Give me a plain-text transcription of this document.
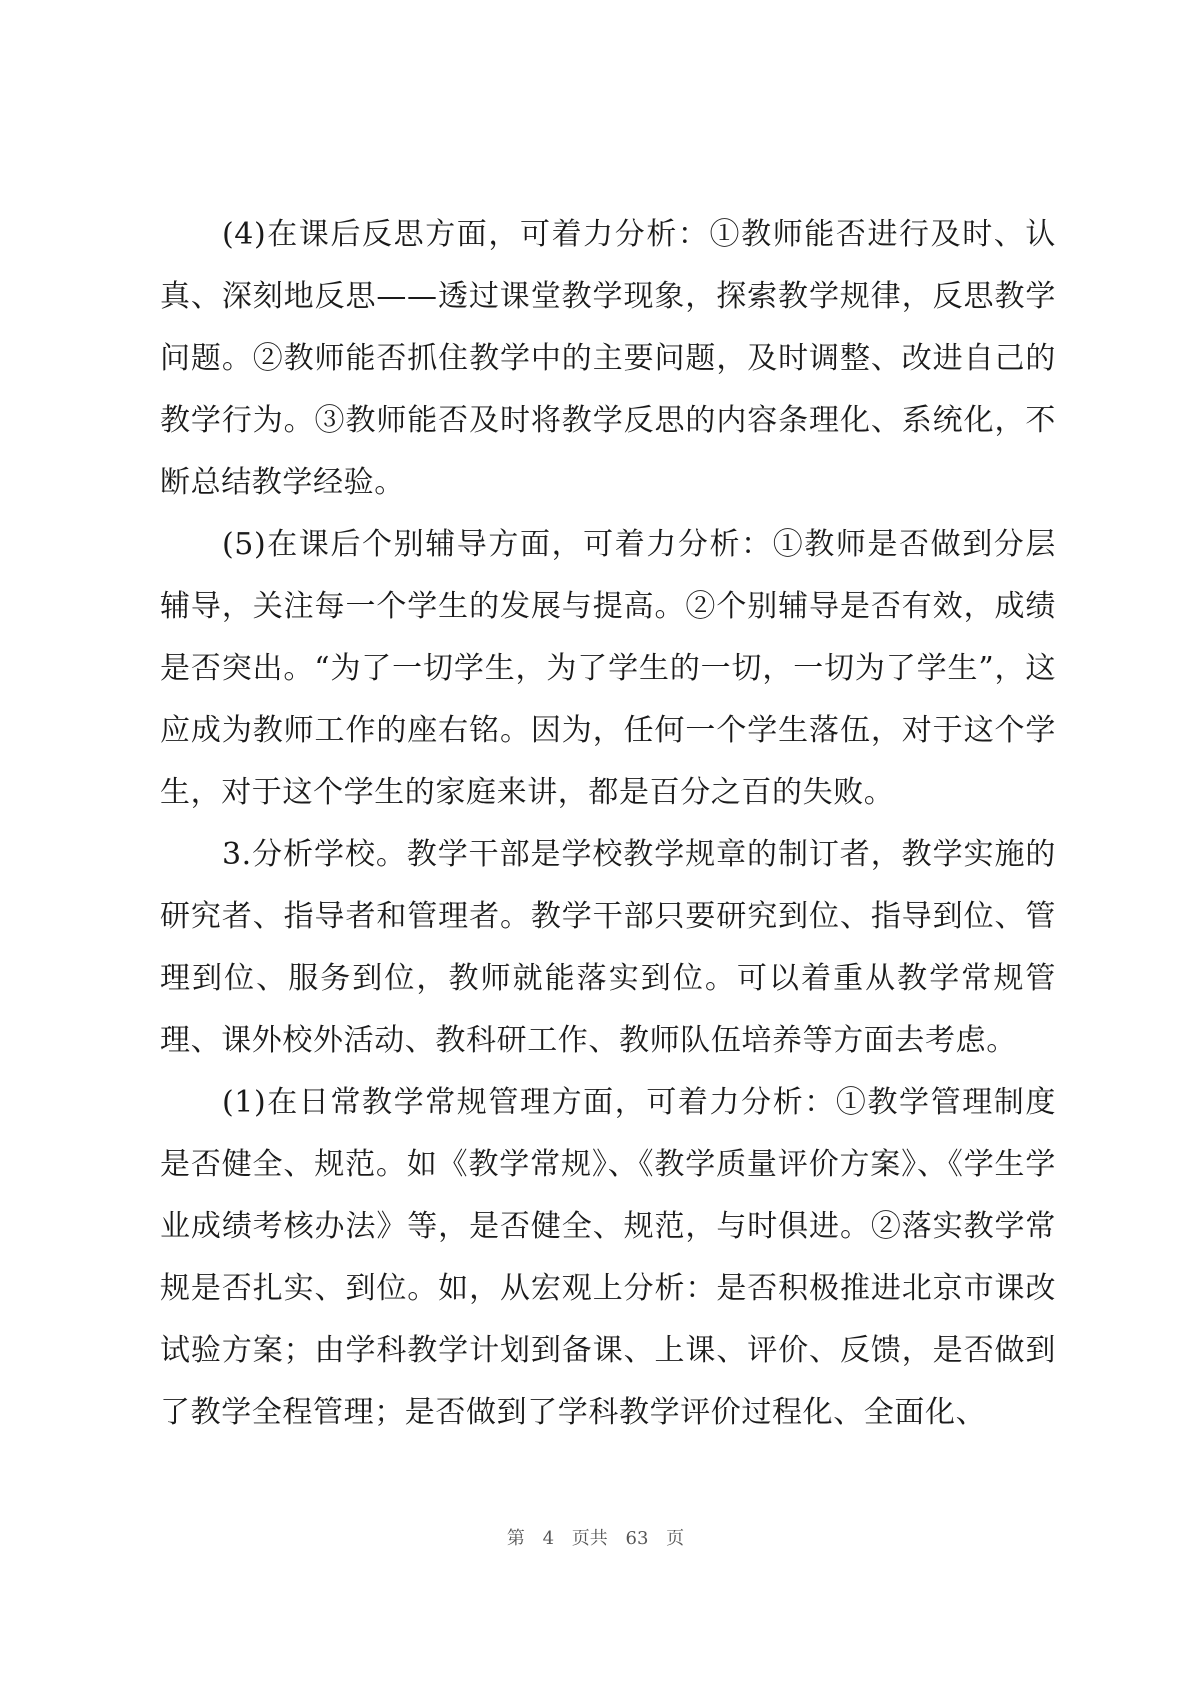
(4)在课后反思方面，可着力分析：①教师能否进行及时、认真、深刻地反思——透过课堂教学现象，探索教学规律，反思教学问题。②教师能否抓住教学中的主要问题，及时调整、改进自己的教学行为。③教师能否及时将教学反思的内容条理化、系统化，不断总结教学经验。

(5)在课后个别辅导方面，可着力分析：①教师是否做到分层辅导，关注每一个学生的发展与提高。②个别辅导是否有效，成绩是否突出。“为了一切学生，为了学生的一切，一切为了学生”，这应成为教师工作的座右铭。因为，任何一个学生落伍，对于这个学生，对于这个学生的家庭来讲，都是百分之百的失败。

3.分析学校。教学干部是学校教学规章的制订者，教学实施的研究者、指导者和管理者。教学干部只要研究到位、指导到位、管理到位、服务到位，教师就能落实到位。可以着重从教学常规管理、课外校外活动、教科研工作、教师队伍培养等方面去考虑。

(1)在日常教学常规管理方面，可着力分析：①教学管理制度是否健全、规范。如《教学常规》、《教学质量评价方案》、《学生学业成绩考核办法》等，是否健全、规范，与时俱进。②落实教学常规是否扎实、到位。如，从宏观上分析：是否积极推进北京市课改试验方案；由学科教学计划到备课、上课、评价、反馈，是否做到了教学全程管理；是否做到了学科教学评价过程化、全面化、

第 4 页共 63 页
